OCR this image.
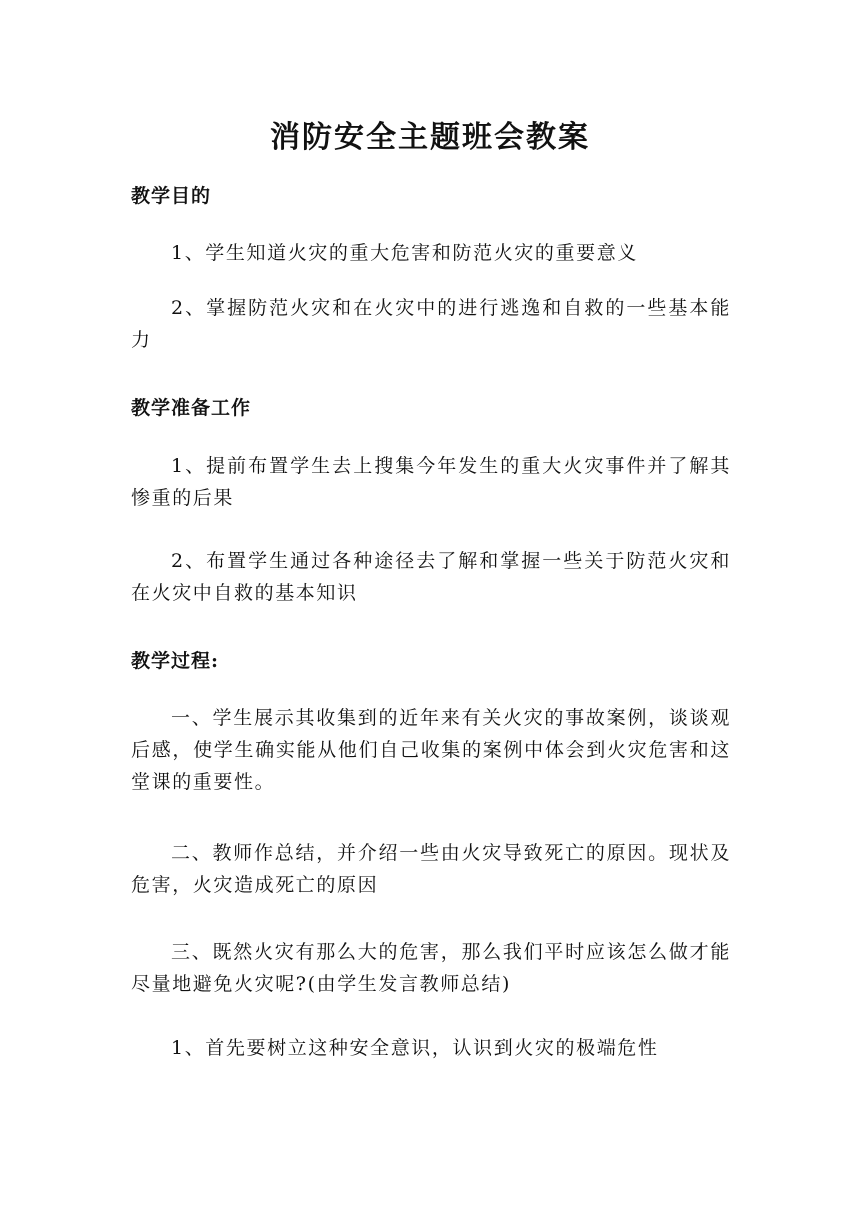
消防安全主题班会教案
教学目的
1、学生知道火灾的重大危害和防范火灾的重要意义
2、掌握防范火灾和在火灾中的进行逃逸和自救的一些基本能力
教学准备工作
1、提前布置学生去上搜集今年发生的重大火灾事件并了解其惨重的后果
2、布置学生通过各种途径去了解和掌握一些关于防范火灾和在火灾中自救的基本知识
教学过程:
一、学生展示其收集到的近年来有关火灾的事故案例，谈谈观后感，使学生确实能从他们自己收集的案例中体会到火灾危害和这堂课的重要性。
二、教师作总结，并介绍一些由火灾导致死亡的原因。现状及危害，火灾造成死亡的原因
三、既然火灾有那么大的危害，那么我们平时应该怎么做才能尽量地避免火灾呢?(由学生发言教师总结)
1、首先要树立这种安全意识，认识到火灾的极端危性
